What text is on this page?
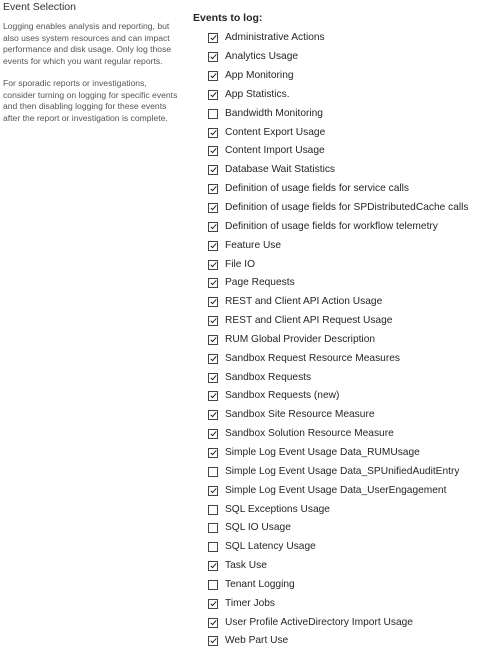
Event Selection

Logging enables analysis and reporting, but also uses system resources and can impact performance and disk usage. Only log those events for which you want regular reports.

For sporadic reports or investigations, consider turning on logging for specific events and then disabling logging for these events after the report or investigation is complete.

Events to log:
Administrative Actions
Analytics Usage
App Monitoring
App Statistics.
Bandwidth Monitoring
Content Export Usage
Content Import Usage
Database Wait Statistics
Definition of usage fields for service calls
Definition of usage fields for SPDistributedCache calls
Definition of usage fields for workflow telemetry
Feature Use
File IO
Page Requests
REST and Client API Action Usage
REST and Client API Request Usage
RUM Global Provider Description
Sandbox Request Resource Measures
Sandbox Requests
Sandbox Requests (new)
Sandbox Site Resource Measure
Sandbox Solution Resource Measure
Simple Log Event Usage Data_RUMUsage
Simple Log Event Usage Data_SPUnifiedAuditEntry
Simple Log Event Usage Data_UserEngagement
SQL Exceptions Usage
SQL IO Usage
SQL Latency Usage
Task Use
Tenant Logging
Timer Jobs
User Profile ActiveDirectory Import Usage
Web Part Use
